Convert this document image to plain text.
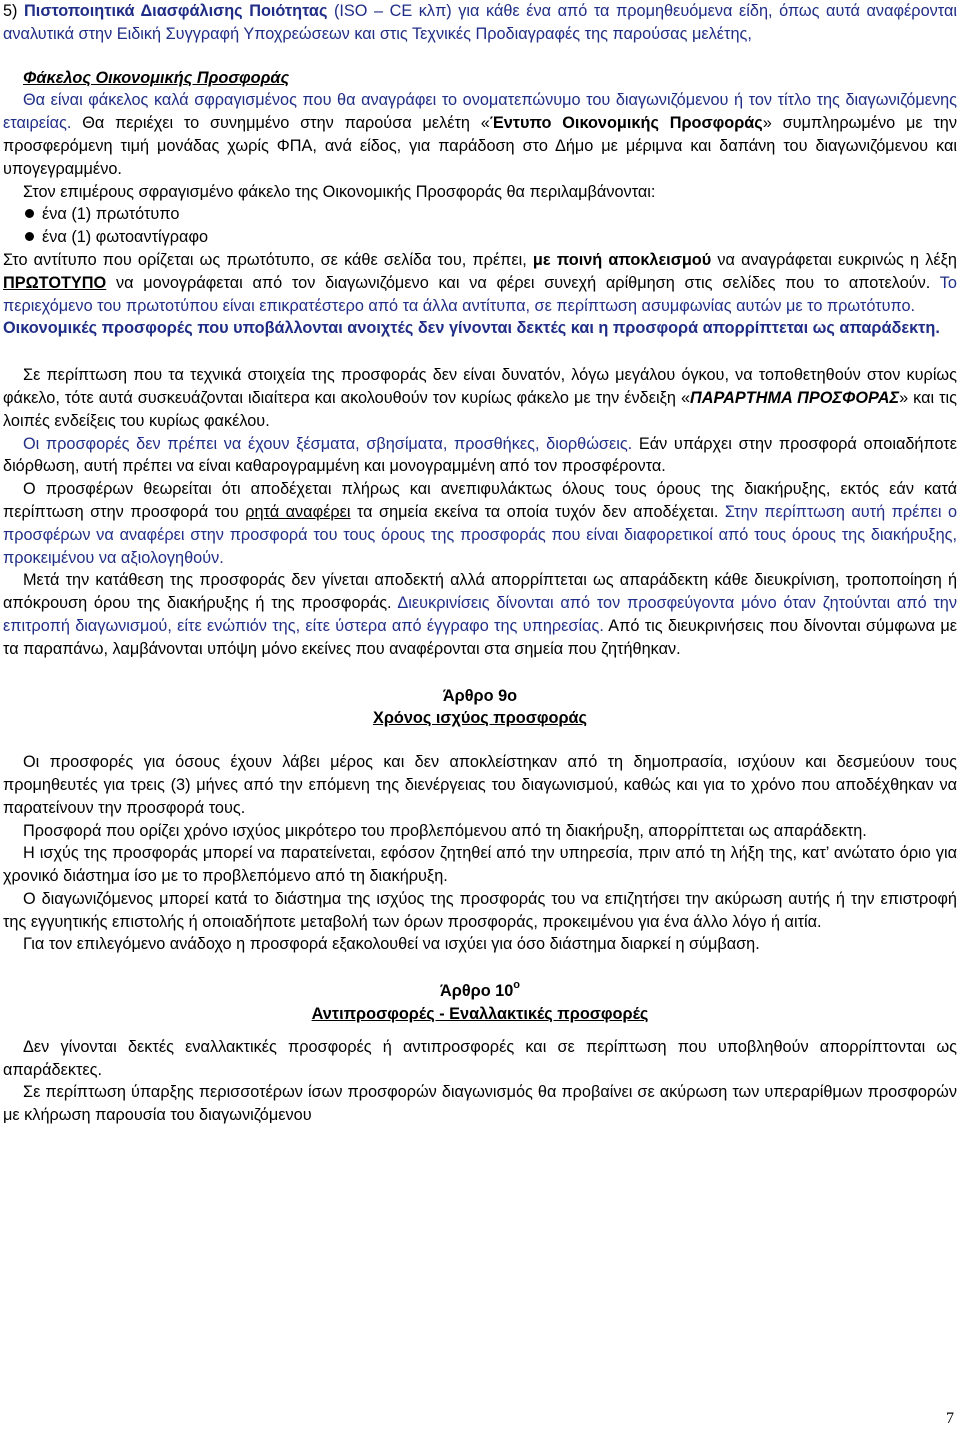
5) Πιστοποιητικά Διασφάλισης Ποιότητας (ISO – CE κλπ) για κάθε ένα από τα προμηθευόμενα είδη, όπως αυτά αναφέρονται αναλυτικά στην Ειδική Συγγραφή Υποχρεώσεων και στις Τεχνικές Προδιαγραφές της παρούσας μελέτης,

Φάκελος Οικονομικής Προσφοράς

Θα είναι φάκελος καλά σφραγισμένος που θα αναγράφει το ονοματεπώνυμο του διαγωνιζόμενου ή τον τίτλο της διαγωνιζόμενης εταιρείας. Θα περιέχει το συνημμένο στην παρούσα μελέτη «Έντυπο Οικονομικής Προσφοράς» συμπληρωμένο με την προσφερόμενη τιμή μονάδας χωρίς ΦΠΑ, ανά είδος, για παράδοση στο Δήμο με μέριμνα και δαπάνη του διαγωνιζόμενου και υπογεγραμμένο.

Στον επιμέρους σφραγισμένο φάκελο της Οικονομικής Προσφοράς θα περιλαμβάνονται:

ένα (1) πρωτότυπο

ένα (1) φωτοαντίγραφο

Στο αντίτυπο που ορίζεται ως πρωτότυπο, σε κάθε σελίδα του, πρέπει, με ποινή αποκλεισμού να αναγράφεται ευκρινώς η λέξη ΠΡΩΤΟΤΥΠΟ να μονογράφεται από τον διαγωνιζόμενο και να φέρει συνεχή αρίθμηση στις σελίδες που το αποτελούν. Το περιεχόμενο του πρωτοτύπου είναι επικρατέστερο από τα άλλα αντίτυπα, σε περίπτωση ασυμφωνίας αυτών με το πρωτότυπο.

Οικονομικές προσφορές που υποβάλλονται ανοιχτές δεν γίνονται δεκτές και η προσφορά απορρίπτεται ως απαράδεκτη.

Σε περίπτωση που τα τεχνικά στοιχεία της προσφοράς δεν είναι δυνατόν, λόγω μεγάλου όγκου, να τοποθετηθούν στον κυρίως φάκελο, τότε αυτά συσκευάζονται ιδιαίτερα και ακολουθούν τον κυρίως φάκελο με την ένδειξη «ΠΑΡΑΡΤΗΜΑ ΠΡΟΣΦΟΡΑΣ» και τις λοιπές ενδείξεις του κυρίως φακέλου.

Οι προσφορές δεν πρέπει να έχουν ξέσματα, σβησίματα, προσθήκες, διορθώσεις. Εάν υπάρχει στην προσφορά οποιαδήποτε διόρθωση, αυτή πρέπει να είναι καθαρογραμμένη και μονογραμμένη από τον προσφέροντα.

Ο προσφέρων θεωρείται ότι αποδέχεται πλήρως και ανεπιφυλάκτως όλους τους όρους της διακήρυξης, εκτός εάν κατά περίπτωση στην προσφορά του ρητά αναφέρει τα σημεία εκείνα τα οποία τυχόν δεν αποδέχεται. Στην περίπτωση αυτή πρέπει ο προσφέρων να αναφέρει στην προσφορά του τους όρους της προσφοράς που είναι διαφορετικοί από τους όρους της διακήρυξης, προκειμένου να αξιολογηθούν.

Μετά την κατάθεση της προσφοράς δεν γίνεται αποδεκτή αλλά απορρίπτεται ως απαράδεκτη κάθε διευκρίνιση, τροποποίηση ή απόκρουση όρου της διακήρυξης ή της προσφοράς. Διευκρινίσεις δίνονται από τον προσφεύγοντα μόνο όταν ζητούνται από την επιτροπή διαγωνισμού, είτε ενώπιόν της, είτε ύστερα από έγγραφο της υπηρεσίας. Από τις διευκρινήσεις που δίνονται σύμφωνα με τα παραπάνω, λαμβάνονται υπόψη μόνο εκείνες που αναφέρονται στα σημεία που ζητήθηκαν.

Άρθρο 9ο

Χρόνος ισχύος προσφοράς

Οι προσφορές για όσους έχουν λάβει μέρος και δεν αποκλείστηκαν από τη δημοπρασία, ισχύουν και δεσμεύουν τους προμηθευτές για τρεις (3) μήνες από την επόμενη της διενέργειας του διαγωνισμού, καθώς και για το χρόνο που αποδέχθηκαν να παρατείνουν την προσφορά τους.

Προσφορά που ορίζει χρόνο ισχύος μικρότερο του προβλεπόμενου από τη διακήρυξη, απορρίπτεται ως απαράδεκτη.

Η ισχύς της προσφοράς μπορεί να παρατείνεται, εφόσον ζητηθεί από την υπηρεσία, πριν από τη λήξη της, κατ’ ανώτατο όριο για χρονικό διάστημα ίσο με το προβλεπόμενο από τη διακήρυξη.

Ο διαγωνιζόμενος μπορεί κατά το διάστημα της ισχύος της προσφοράς του να επιζητήσει την ακύρωση αυτής ή την επιστροφή της εγγυητικής επιστολής ή οποιαδήποτε μεταβολή των όρων προσφοράς, προκειμένου για ένα άλλο λόγο ή αιτία.

Για τον επιλεγόμενο ανάδοχο η προσφορά εξακολουθεί να ισχύει για όσο διάστημα διαρκεί η σύμβαση.

Άρθρο $10^o$

Αντιπροσφορές - Εναλλακτικές προσφορές

Δεν γίνονται δεκτές εναλλακτικές προσφορές ή αντιπροσφορές και σε περίπτωση που υποβληθούν απορρίπτονται ως απαράδεκτες.

Σε περίπτωση ύπαρξης περισσοτέρων ίσων προσφορών διαγωνισμός θα προβαίνει σε ακύρωση των υπεραρίθμων προσφορών με κλήρωση παρουσία του διαγωνιζόμενου

7
